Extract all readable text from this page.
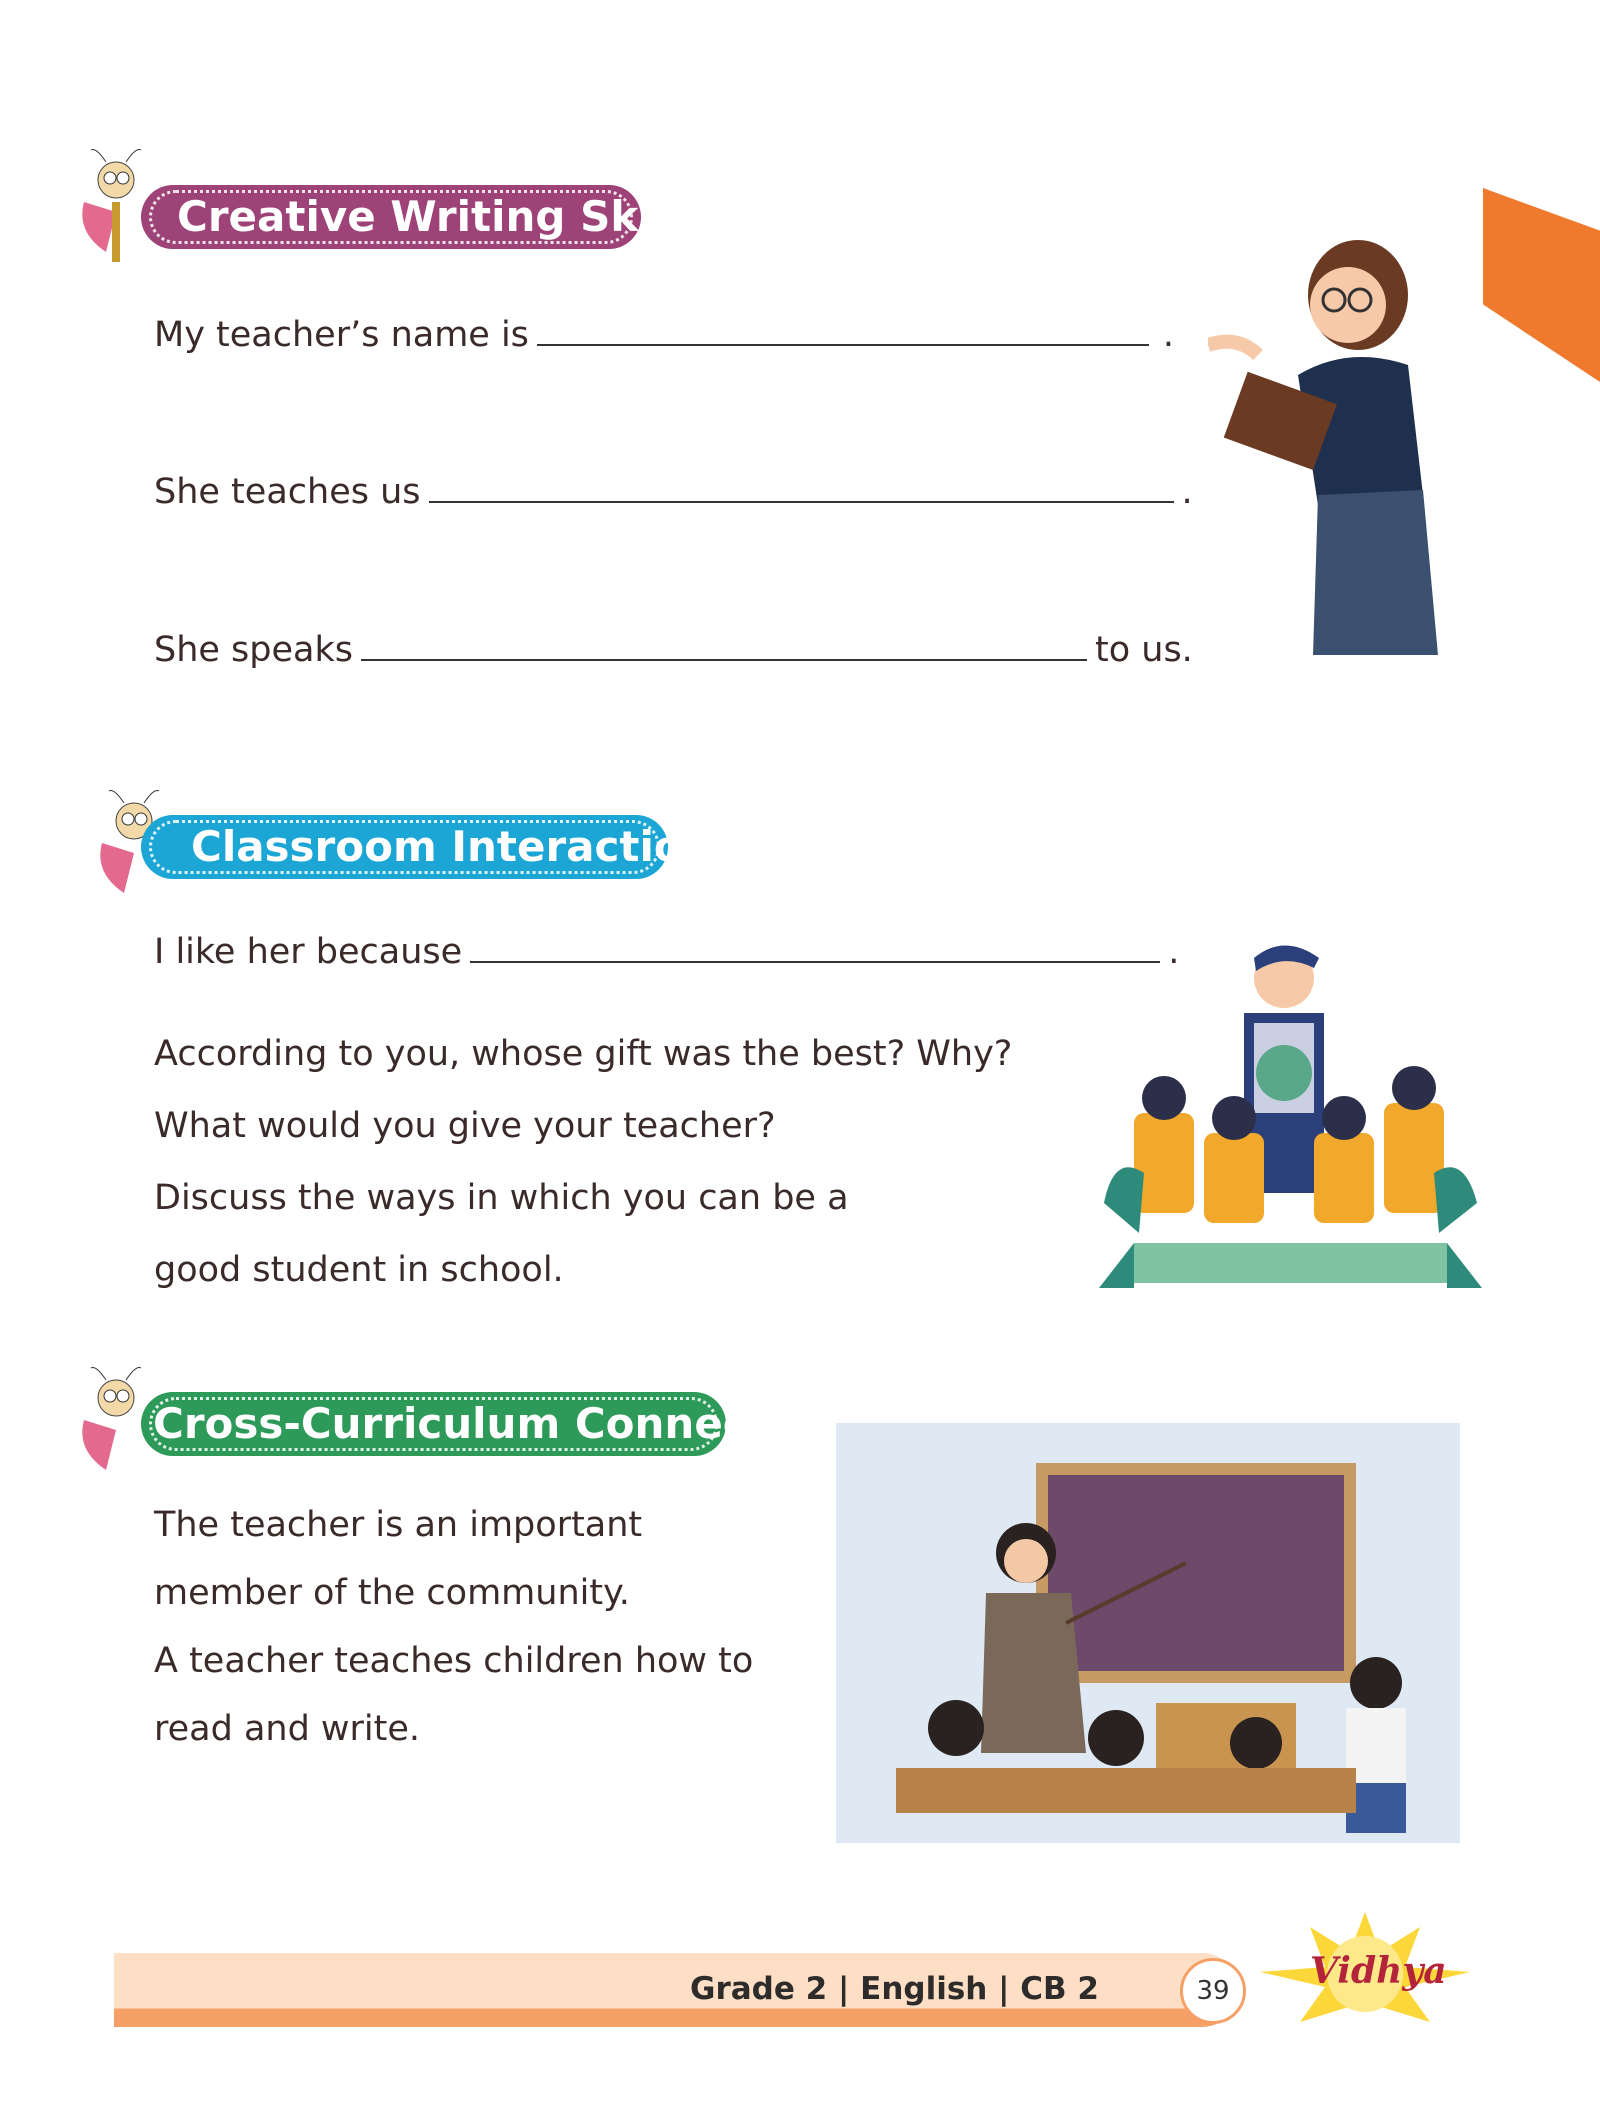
Creative Writing Skills
My teacher’s name is	.
She teaches us	.
She speaks	to us.
Classroom Interaction
I like her because	.
According to you, whose gift was the best? Why?
What would you give your teacher?
Discuss the ways in which you can be a
good student in school.
Cross-Curriculum Connect
The teacher is an important
member of the community.
A teacher teaches children how to
read and write.
Grade 2 | English | CB 2	39	Vidhya
